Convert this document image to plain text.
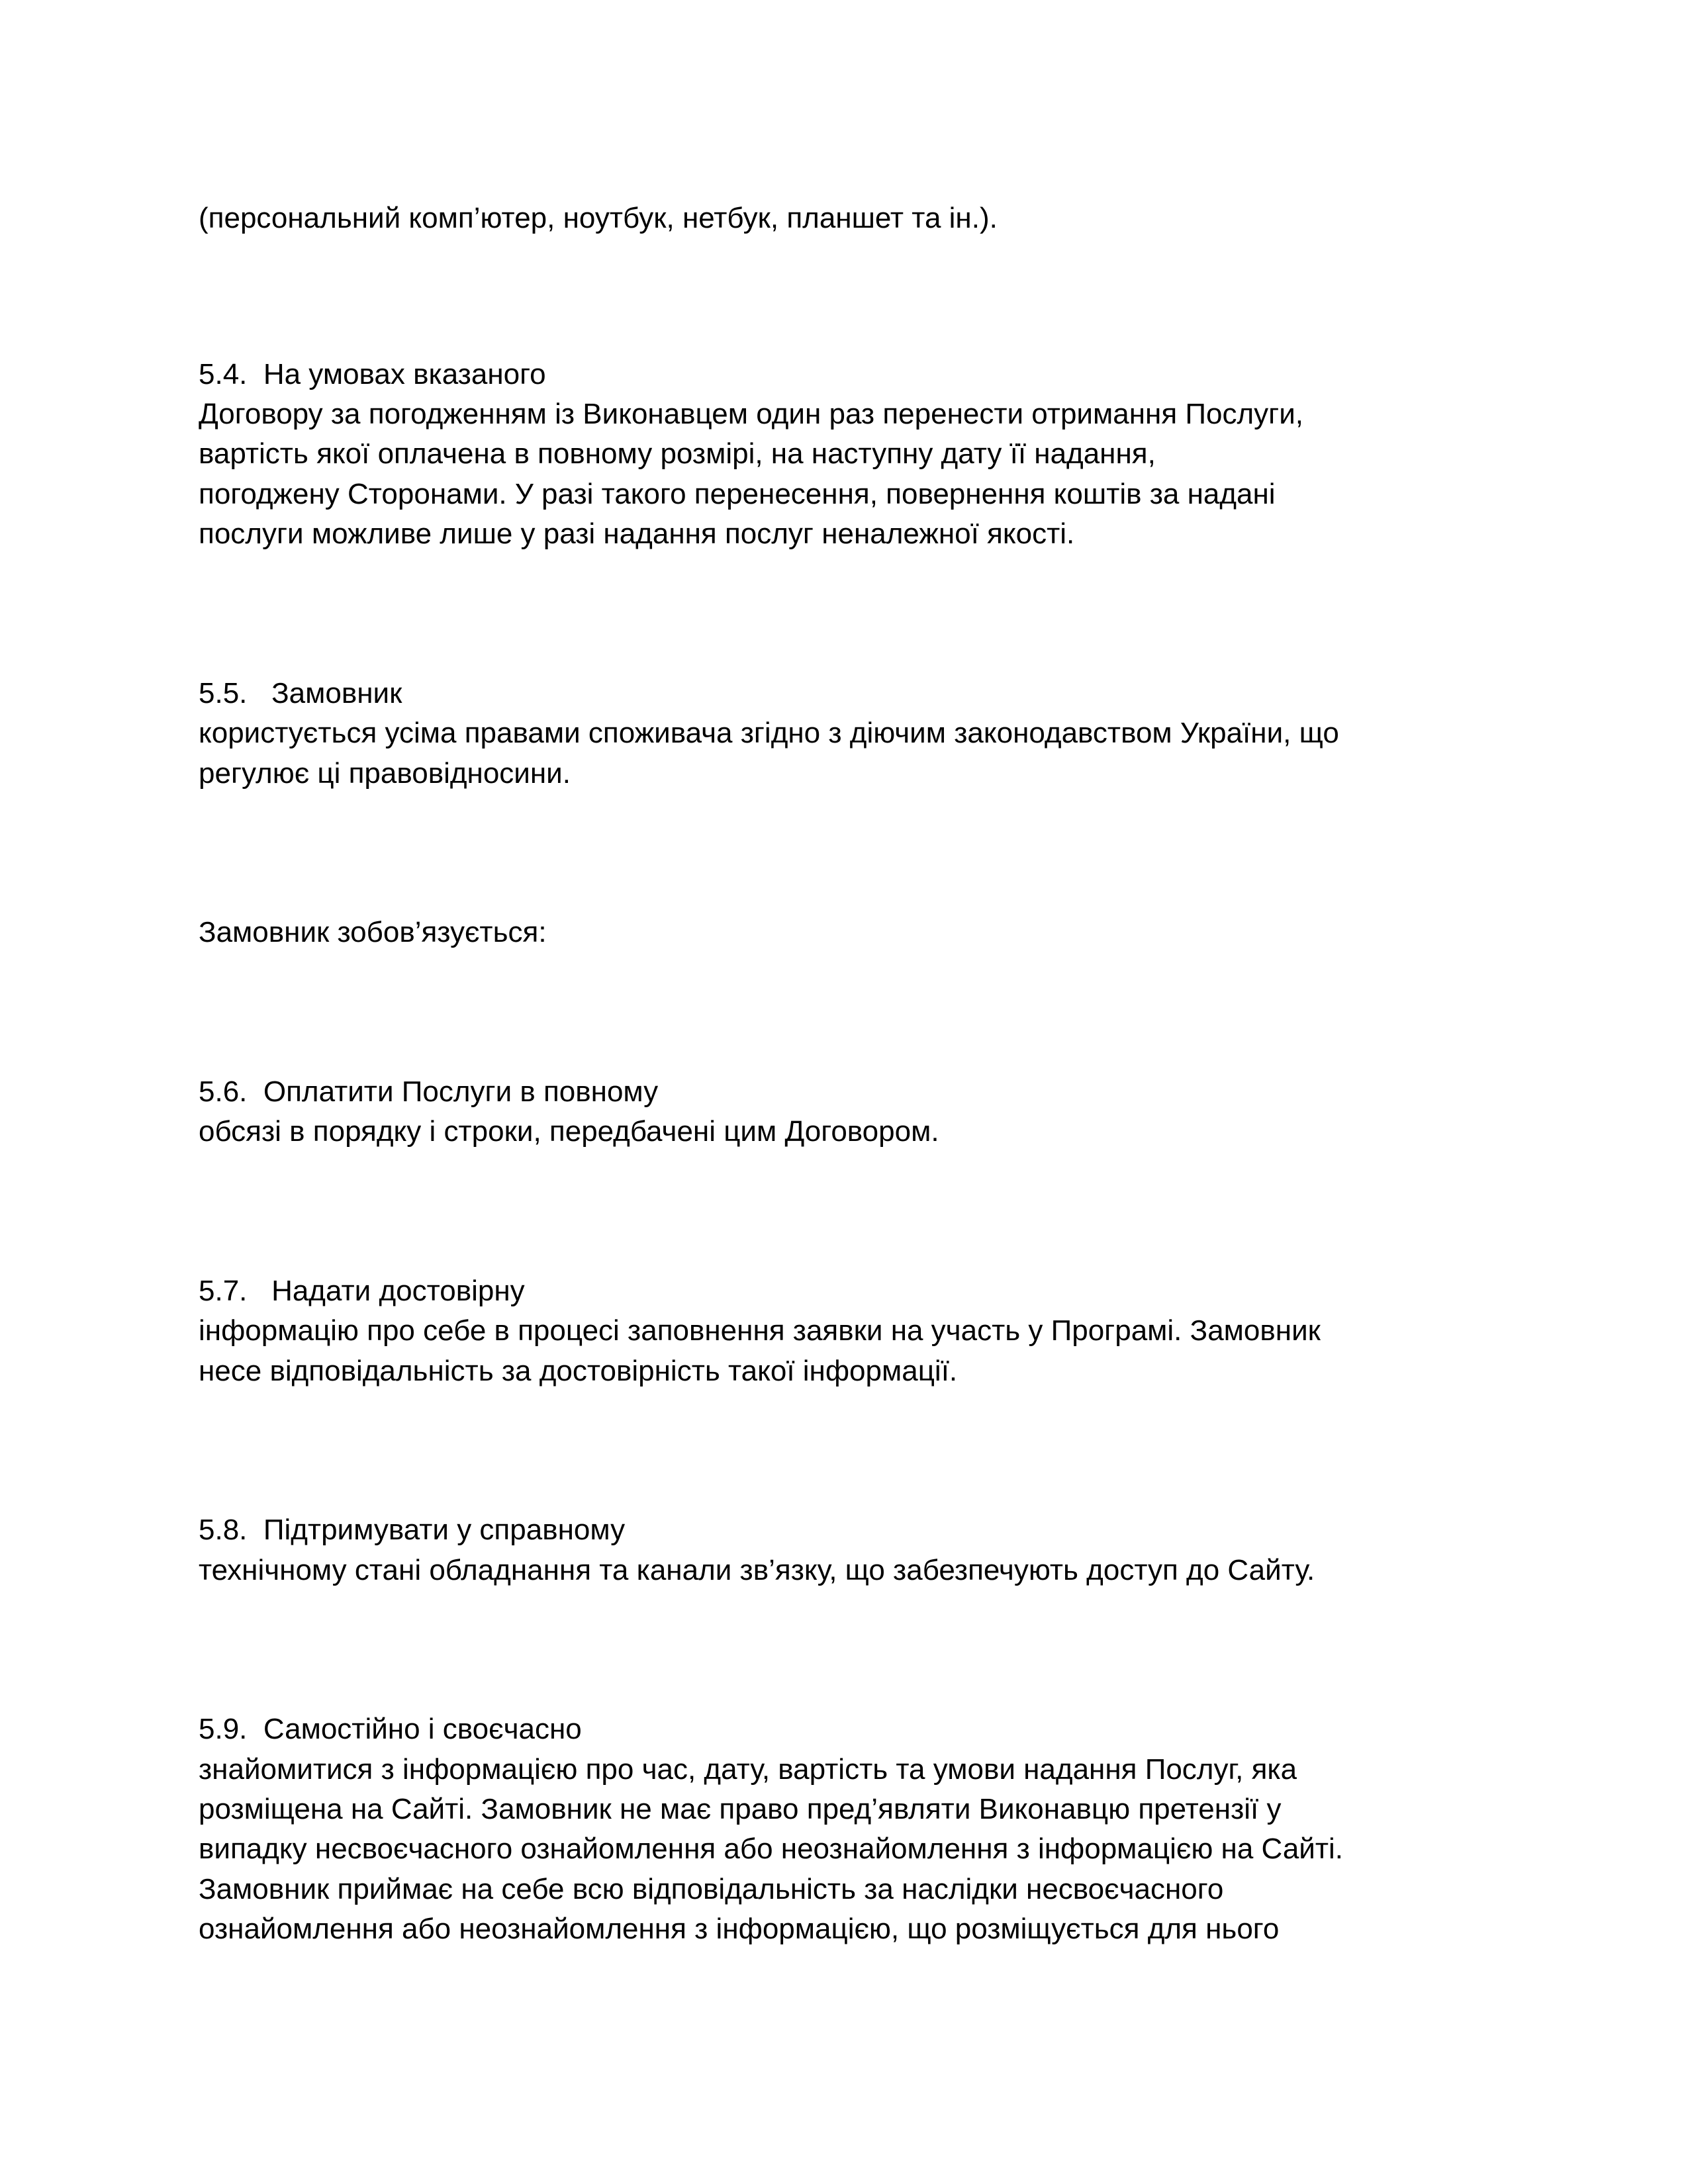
(персональний комп’ютер, ноутбук, нетбук, планшет та ін.).

5.4.  На умовах вказаного

Договору за погодженням із Виконавцем один раз перенести отримання Послуги,

вартість якої оплачена в повному розмірі, на наступну дату її надання,

погоджену Сторонами. У разі такого перенесення, повернення коштів за надані

послуги можливе лише у разі надання послуг неналежної якості.

5.5.   Замовник

користується усіма правами споживача згідно з діючим законодавством України, що

регулює ці правовідносини.

Замовник зобов’язується:

5.6.  Оплатити Послуги в повному

обсязі в порядку і строки, передбачені цим Договором.

5.7.   Надати достовірну

інформацію про себе в процесі заповнення заявки на участь у Програмі. Замовник

несе відповідальність за достовірність такої інформації.

5.8.  Підтримувати у справному

технічному стані обладнання та канали зв’язку, що забезпечують доступ до Сайту.

5.9.  Самостійно і своєчасно

знайомитися з інформацією про час, дату, вартість та умови надання Послуг, яка

розміщена на Сайті. Замовник не має право пред’являти Виконавцю претензії у

випадку несвоєчасного ознайомлення або неознайомлення з інформацією на Сайті.

Замовник приймає на себе всю відповідальність за наслідки несвоєчасного

ознайомлення або неознайомлення з інформацією, що розміщується для нього
